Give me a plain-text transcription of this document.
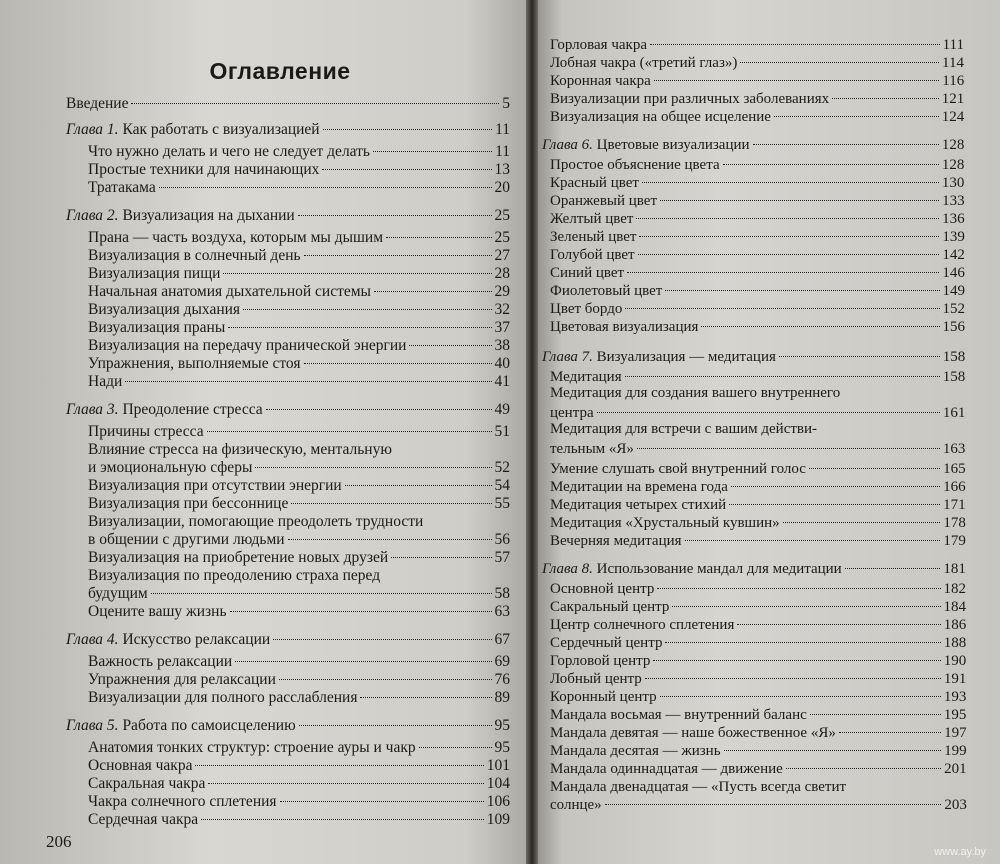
Оглавление
Введение	5
Глава 1. Как работать с визуализацией	11
Что нужно делать и чего не следует делать	11
Простые техники для начинающих	13
Тратакама	20
Глава 2. Визуализация на дыхании	25
Прана — часть воздуха, которым мы дышим	25
Визуализация в солнечный день	27
Визуализация пищи	28
Начальная анатомия дыхательной системы	29
Визуализация дыхания	32
Визуализация праны	37
Визуализация на передачу пранической энергии	38
Упражнения, выполняемые стоя	40
Нади	41
Глава 3. Преодоление стресса	49
Причины стресса	51
Влияние стресса на физическую, ментальную
и эмоциональную сферы	52
Визуализация при отсутствии энергии	54
Визуализация при бессоннице	55
Визуализации, помогающие преодолеть трудности
в общении с другими людьми	56
Визуализация на приобретение новых друзей	57
Визуализация по преодолению страха перед
будущим	58
Оцените вашу жизнь	63
Глава 4. Искусство релаксации	67
Важность релаксации	69
Упражнения для релаксации	76
Визуализации для полного расслабления	89
Глава 5. Работа по самоисцелению	95
Анатомия тонких структур: строение ауры и чакр	95
Основная чакра	101
Сакральная чакра	104
Чакра солнечного сплетения	106
Сердечная чакра	109
206
Горловая чакра	111
Лобная чакра («третий глаз»)	114
Коронная чакра	116
Визуализации при различных заболеваниях	121
Визуализация на общее исцеление	124
Глава 6. Цветовые визуализации	128
Простое объяснение цвета	128
Красный цвет	130
Оранжевый цвет	133
Желтый цвет	136
Зеленый цвет	139
Голубой цвет	142
Синий цвет	146
Фиолетовый цвет	149
Цвет бордо	152
Цветовая визуализация	156
Глава 7. Визуализация — медитация	158
Медитация	158
Медитация для создания вашего внутреннего
центра	161
Медитация для встречи с вашим действи-
тельным «Я»	163
Умение слушать свой внутренний голос	165
Медитации на времена года	166
Медитация четырех стихий	171
Медитация «Хрустальный кувшин»	178
Вечерняя медитация	179
Глава 8. Использование мандал для медитации	181
Основной центр	182
Сакральный центр	184
Центр солнечного сплетения	186
Сердечный центр	188
Горловой центр	190
Лобный центр	191
Коронный центр	193
Мандала восьмая — внутренний баланс	195
Мандала девятая — наше божественное «Я»	197
Мандала десятая — жизнь	199
Мандала одиннадцатая — движение	201
Мандала двенадцатая — «Пусть всегда светит
солнце»	203
www.ay.by
